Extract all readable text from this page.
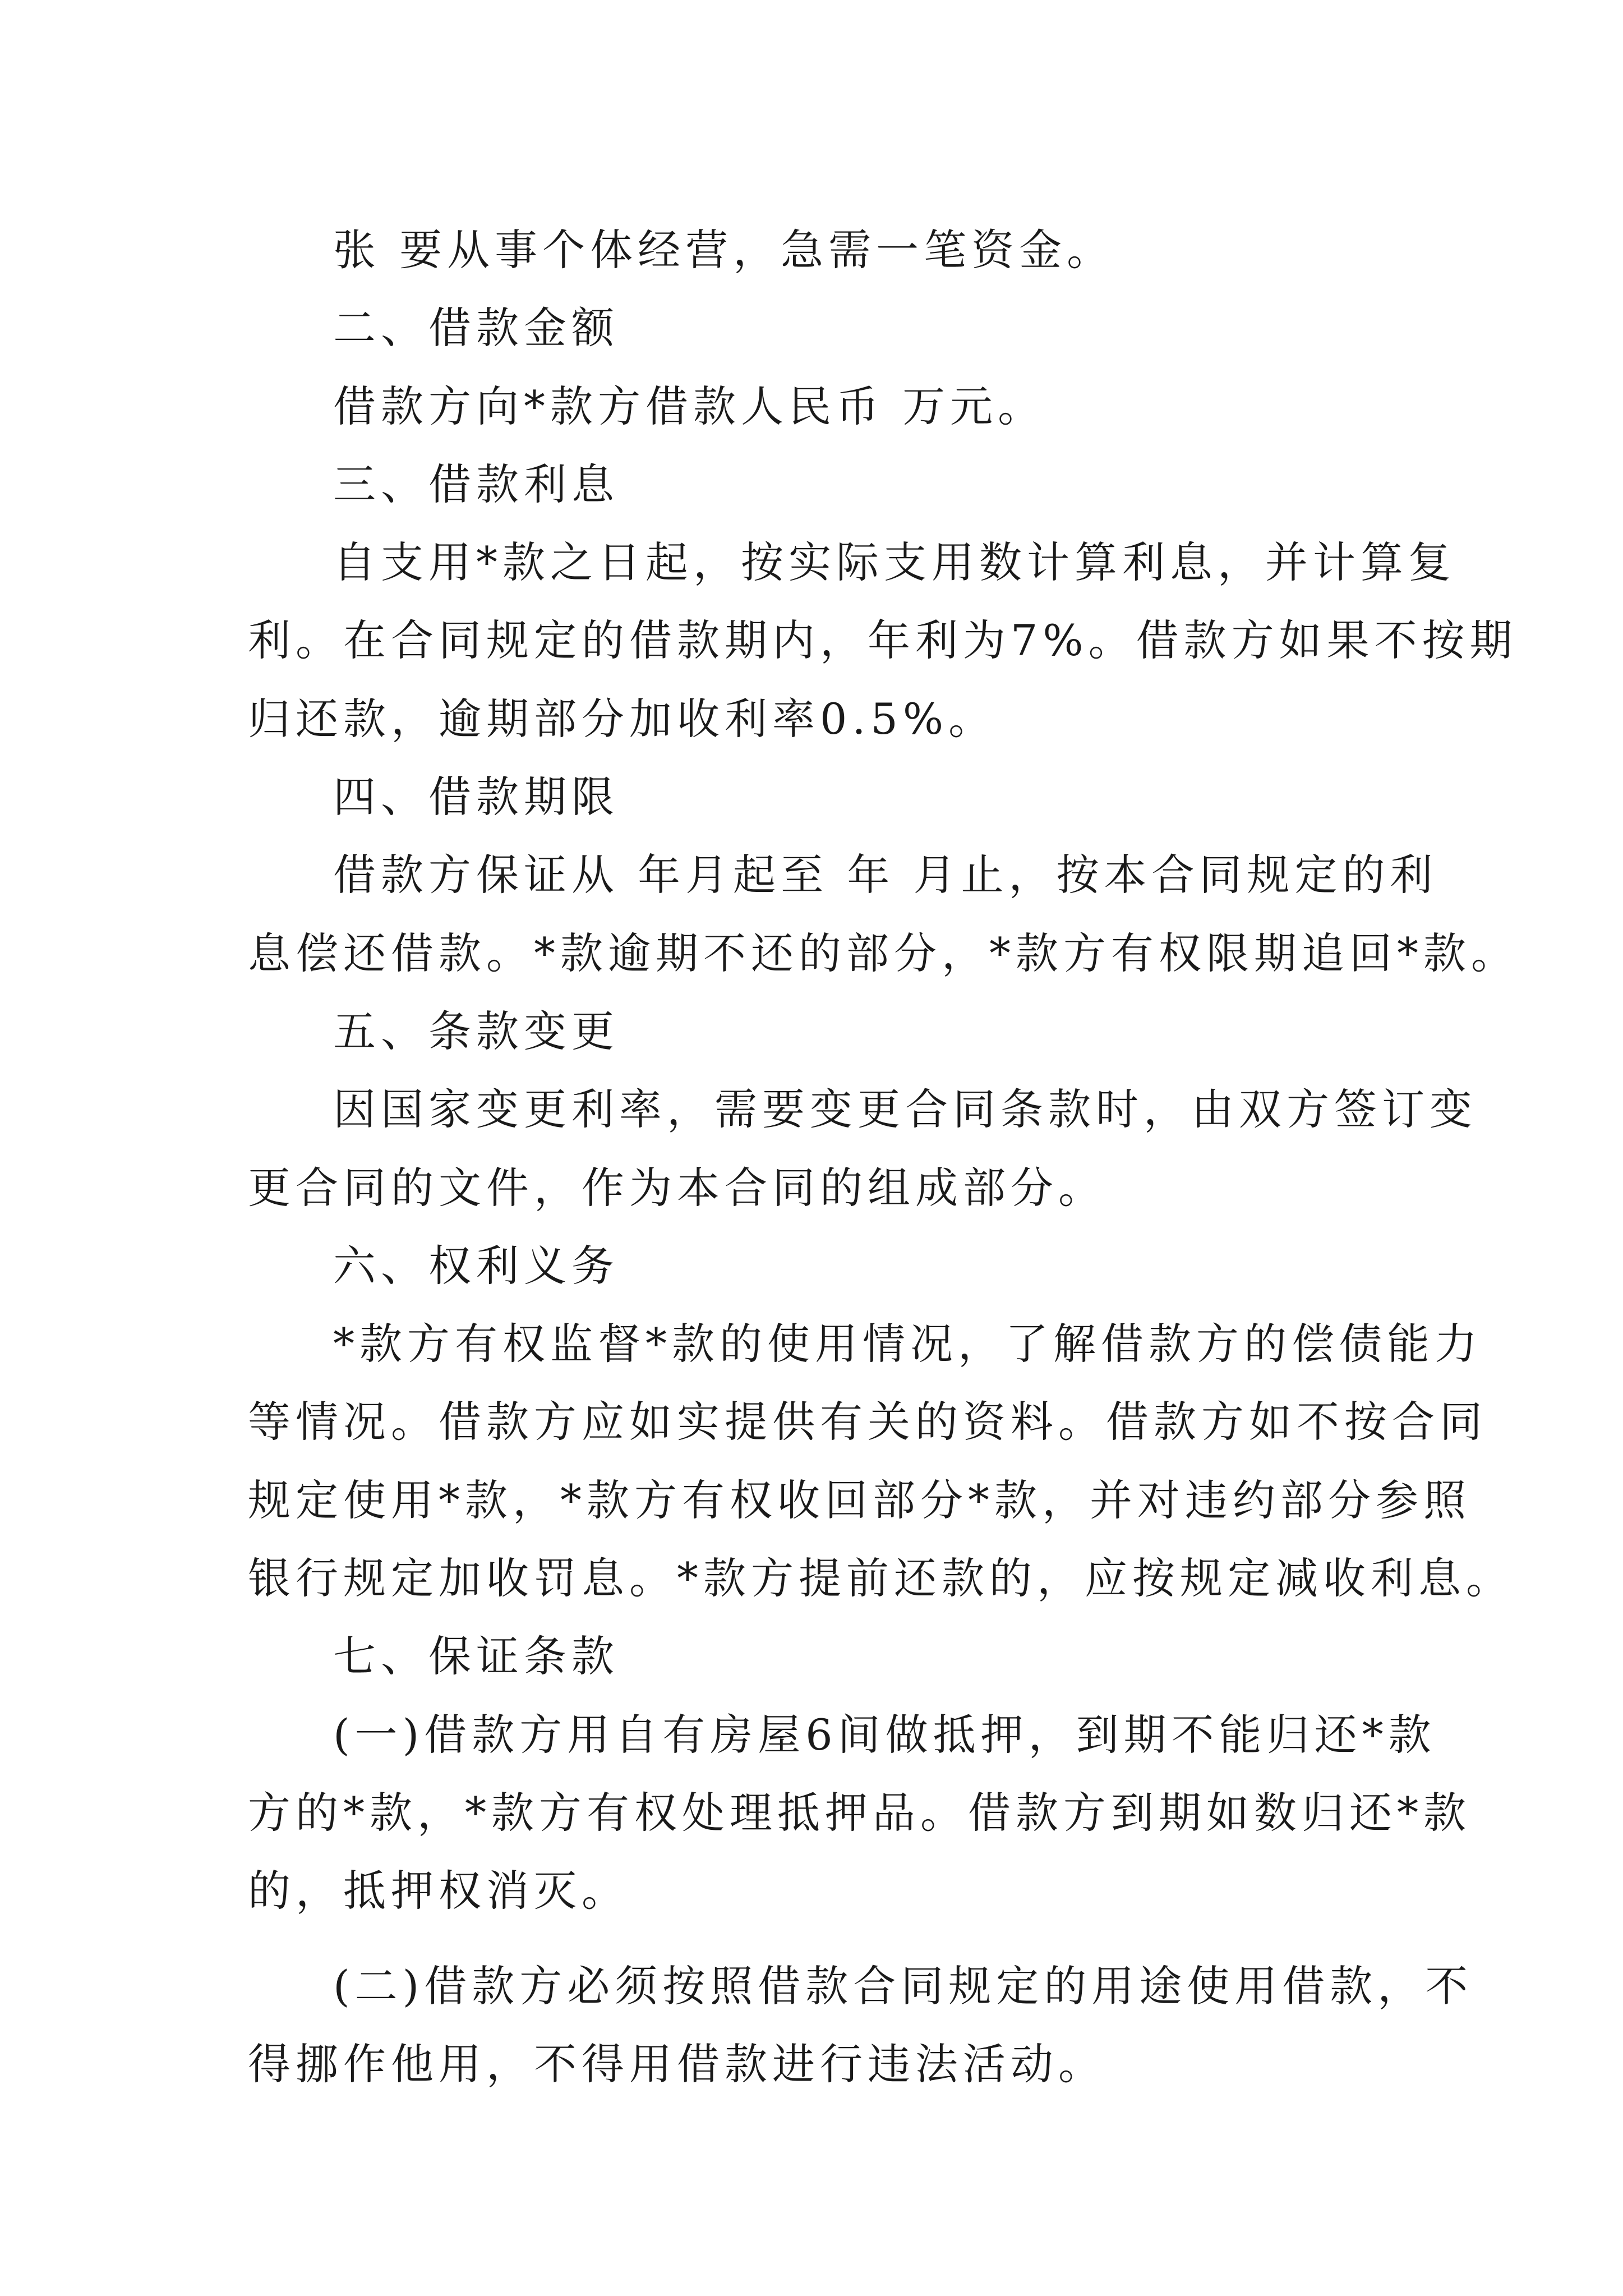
张 要从事个体经营，急需一笔资金。
二、借款金额
借款方向*款方借款人民币 万元。
三、借款利息
自支用*款之日起，按实际支用数计算利息，并计算复
利。在合同规定的借款期内，年利为7%。借款方如果不按期
归还款，逾期部分加收利率0.5%。
四、借款期限
借款方保证从 年月起至 年 月止，按本合同规定的利
息偿还借款。*款逾期不还的部分，*款方有权限期追回*款。
五、条款变更
因国家变更利率，需要变更合同条款时，由双方签订变
更合同的文件，作为本合同的组成部分。
六、权利义务
*款方有权监督*款的使用情况，了解借款方的偿债能力
等情况。借款方应如实提供有关的资料。借款方如不按合同
规定使用*款，*款方有权收回部分*款，并对违约部分参照
银行规定加收罚息。*款方提前还款的，应按规定减收利息。
七、保证条款
(一)借款方用自有房屋6间做抵押，到期不能归还*款
方的*款，*款方有权处理抵押品。借款方到期如数归还*款
的，抵押权消灭。
(二)借款方必须按照借款合同规定的用途使用借款，不
得挪作他用，不得用借款进行违法活动。
